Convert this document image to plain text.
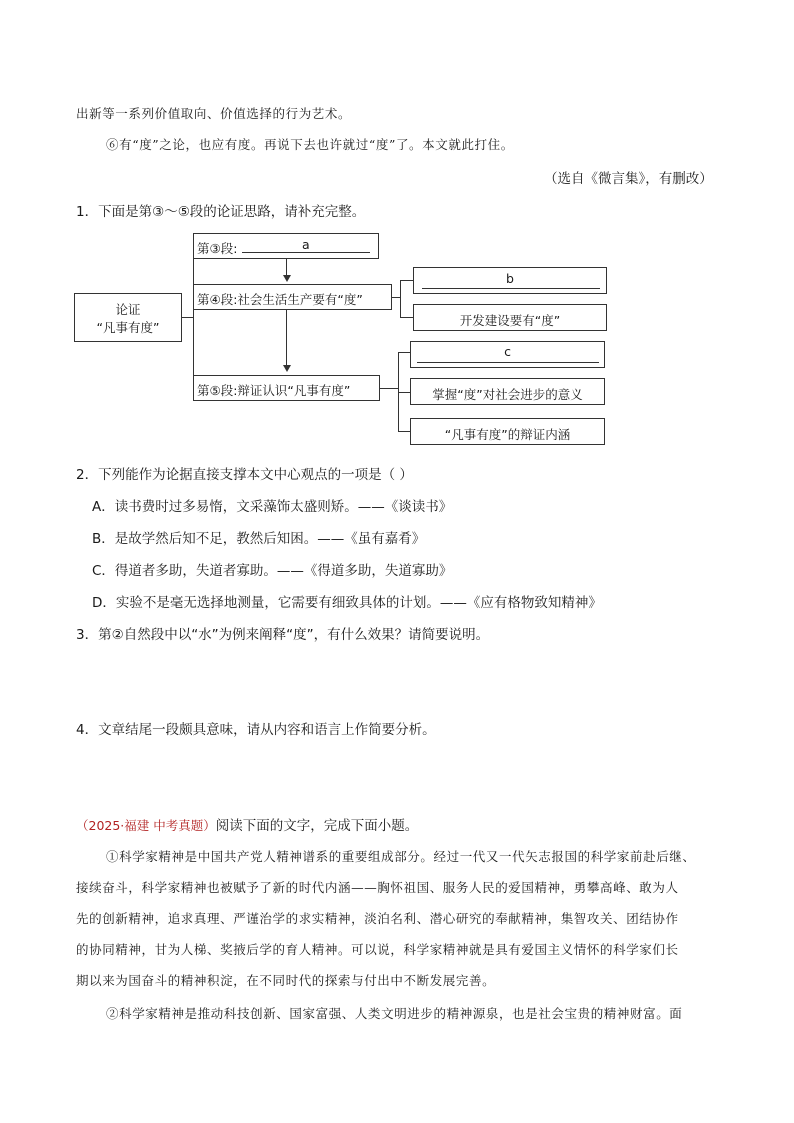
出新等一系列价值取向、价值选择的行为艺术。
⑥有“度”之论，也应有度。再说下去也许就过“度”了。本文就此打住。
（选自《微言集》，有删改）
1．下面是第③～⑤段的论证思路，请补充完整。
论证
“凡事有度”
第③段:	a
第④段:社会生活生产要有“度”
b
开发建设要有“度”
第⑤段:辩证认识“凡事有度”
c
掌握“度”对社会进步的意义
“凡事有度”的辩证内涵
2．下列能作为论据直接支撑本文中心观点的一项是（ ）
A．读书费时过多易惰，文采藻饰太盛则矫。——《谈读书》
B．是故学然后知不足，教然后知困。——《虽有嘉肴》
C．得道者多助，失道者寡助。——《得道多助，失道寡助》
D．实验不是毫无选择地测量，它需要有细致具体的计划。——《应有格物致知精神》
3．第②自然段中以“水”为例来阐释“度”，有什么效果？请简要说明。
4．文章结尾一段颇具意味，请从内容和语言上作简要分析。
（2025·福建 中考真题）阅读下面的文字，完成下面小题。
①科学家精神是中国共产党人精神谱系的重要组成部分。经过一代又一代矢志报国的科学家前赴后继、
接续奋斗，科学家精神也被赋予了新的时代内涵——胸怀祖国、服务人民的爱国精神，勇攀高峰、敢为人
先的创新精神，追求真理、严谨治学的求实精神，淡泊名利、潜心研究的奉献精神，集智攻关、团结协作
的协同精神，甘为人梯、奖掖后学的育人精神。可以说，科学家精神就是具有爱国主义情怀的科学家们长
期以来为国奋斗的精神积淀，在不同时代的探索与付出中不断发展完善。
②科学家精神是推动科技创新、国家富强、人类文明进步的精神源泉，也是社会宝贵的精神财富。面
